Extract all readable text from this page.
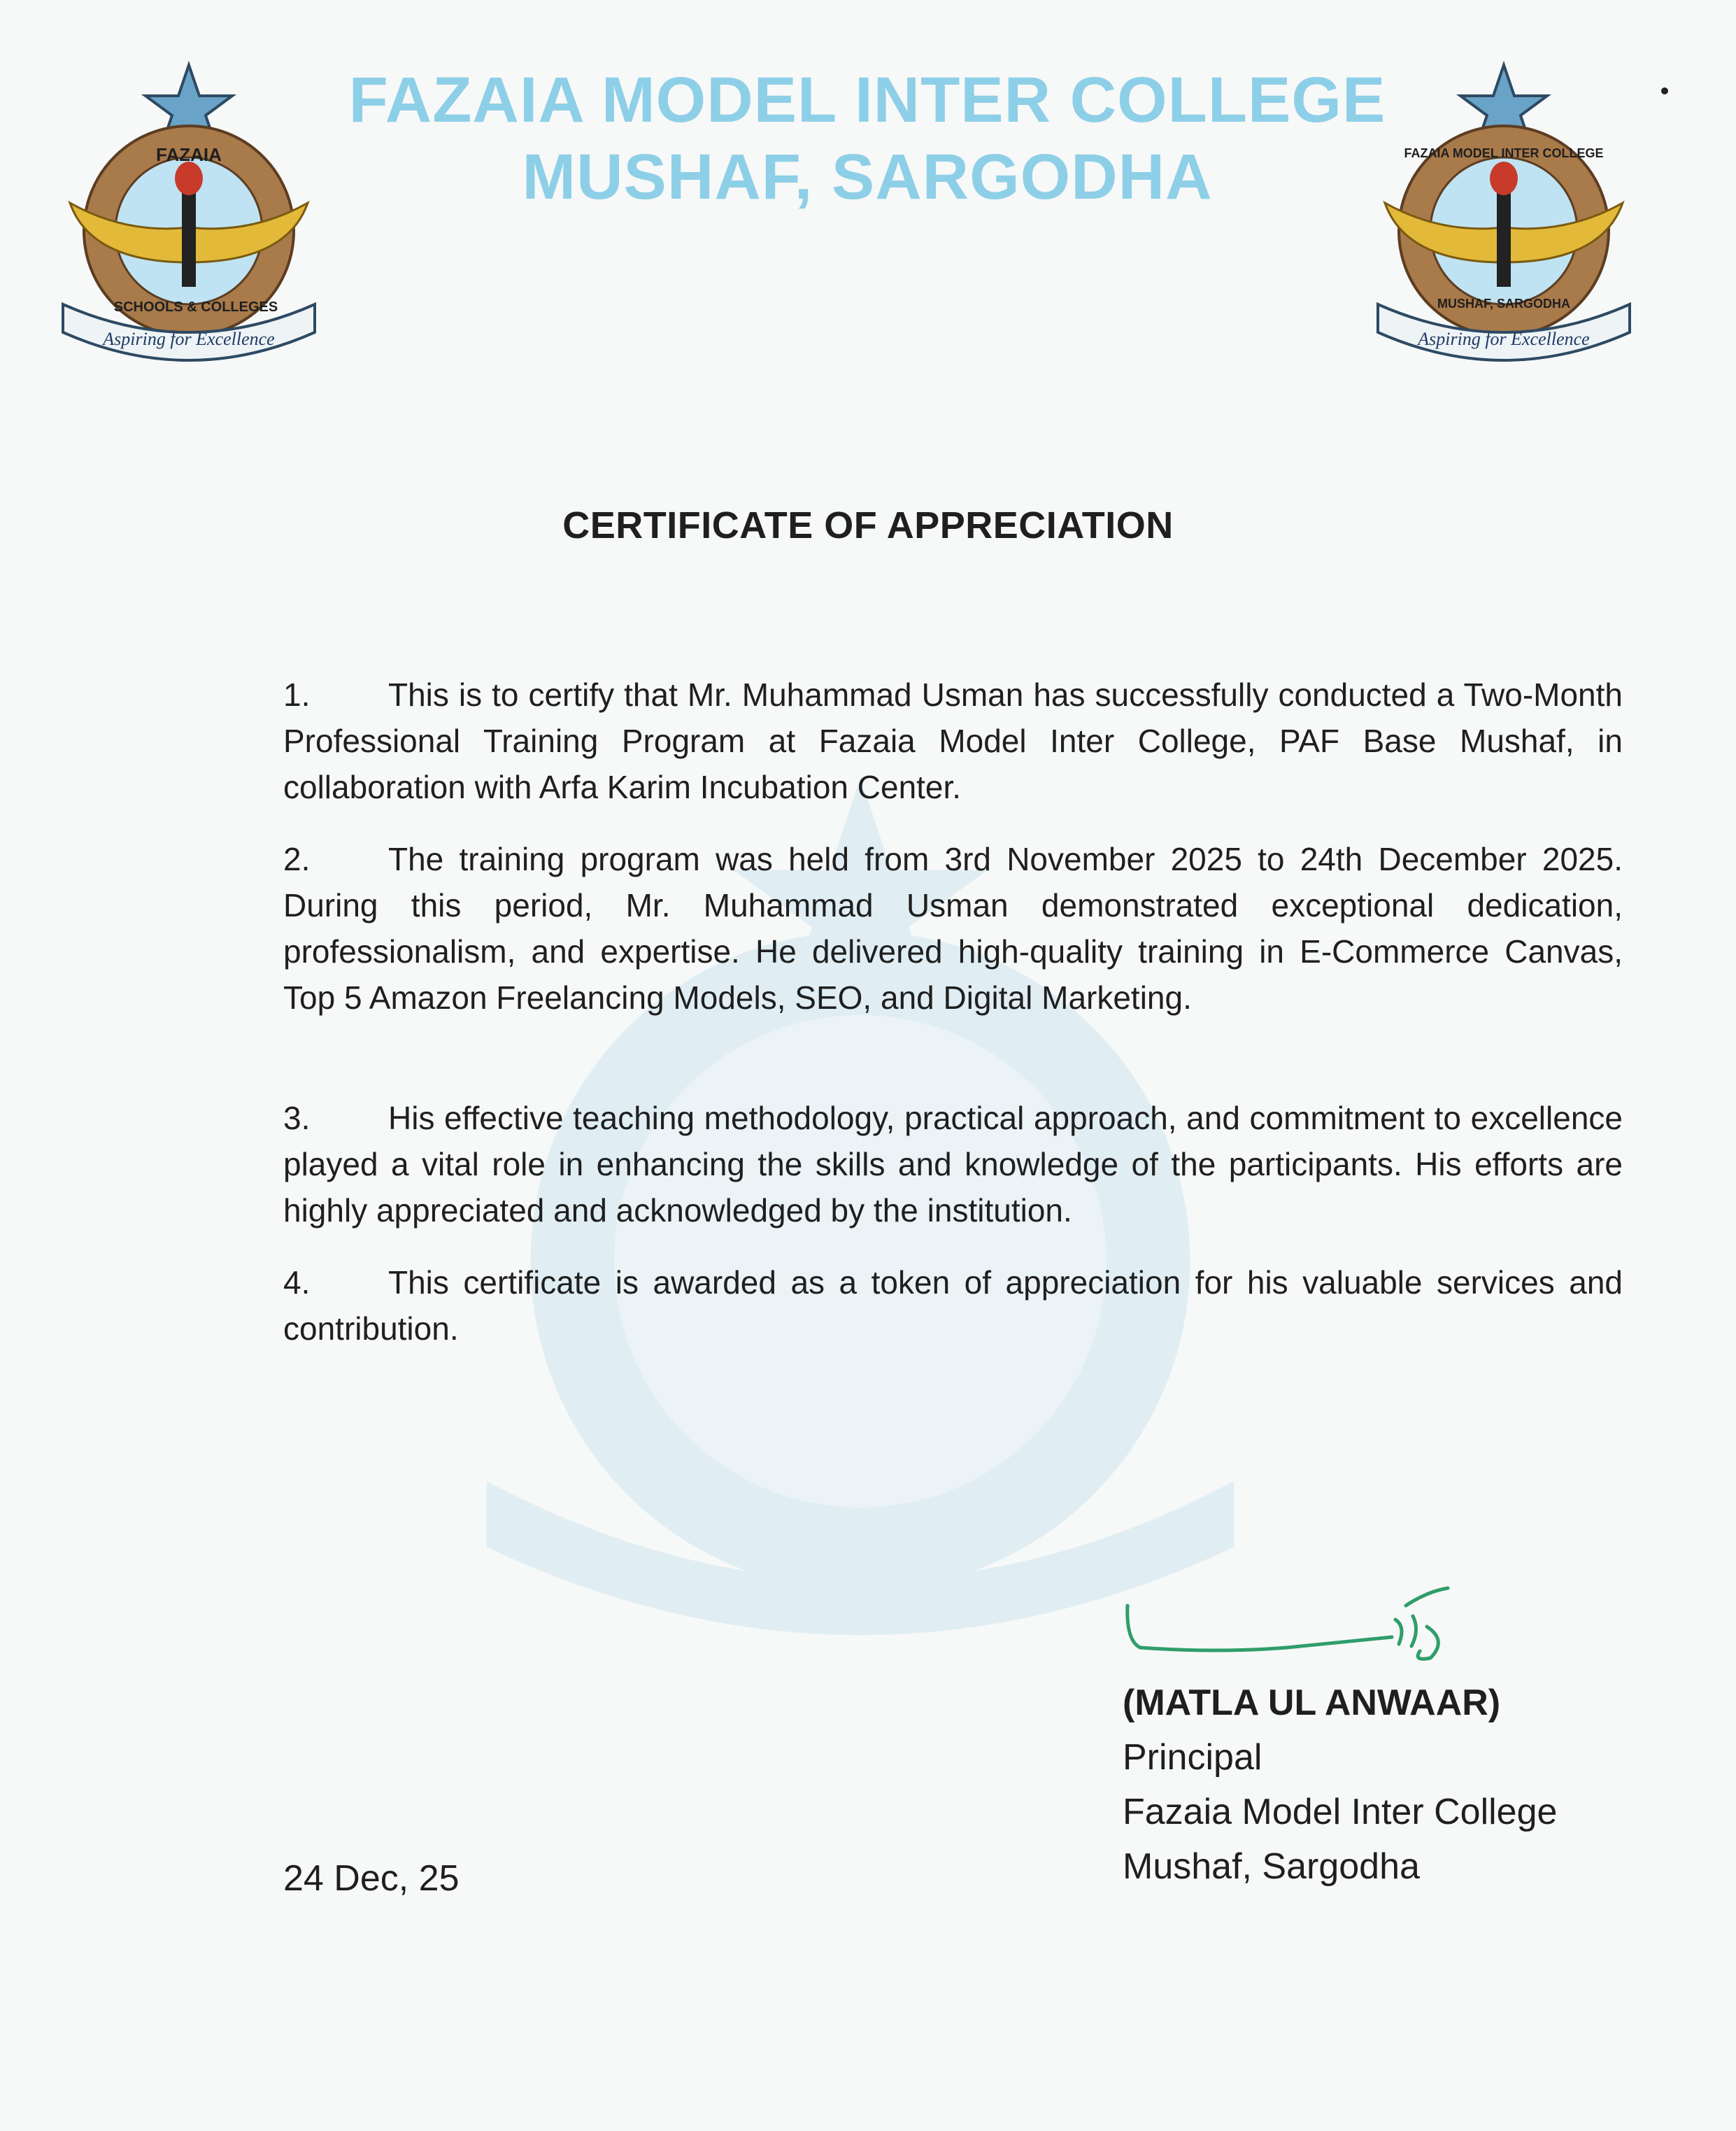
FAZAIA
SCHOOLS & COLLEGES
Aspiring for Excellence
FAZAIA MODEL INTER COLLEGE
MUSHAF, SARGODHA
Aspiring for Excellence
FAZAIA MODEL INTER COLLEGE
MUSHAF, SARGODHA
CERTIFICATE OF APPRECIATION

1. This is to certify that Mr. Muhammad Usman has successfully conducted a Two-Month Professional Training Program at Fazaia Model Inter College, PAF Base Mushaf, in collaboration with Arfa Karim Incubation Center.

2. The training program was held from 3rd November 2025 to 24th December 2025. During this period, Mr. Muhammad Usman demonstrated exceptional dedication, professionalism, and expertise. He delivered high-quality training in E-Commerce Canvas, Top 5 Amazon Freelancing Models, SEO, and Digital Marketing.

3. His effective teaching methodology, practical approach, and commitment to excellence played a vital role in enhancing the skills and knowledge of the participants. His efforts are highly appreciated and acknowledged by the institution.

4. This certificate is awarded as a token of appreciation for his valuable services and contribution.

(MATLA UL ANWAAR)

Principal

Fazaia Model Inter College

Mushaf, Sargodha

24 Dec, 25
